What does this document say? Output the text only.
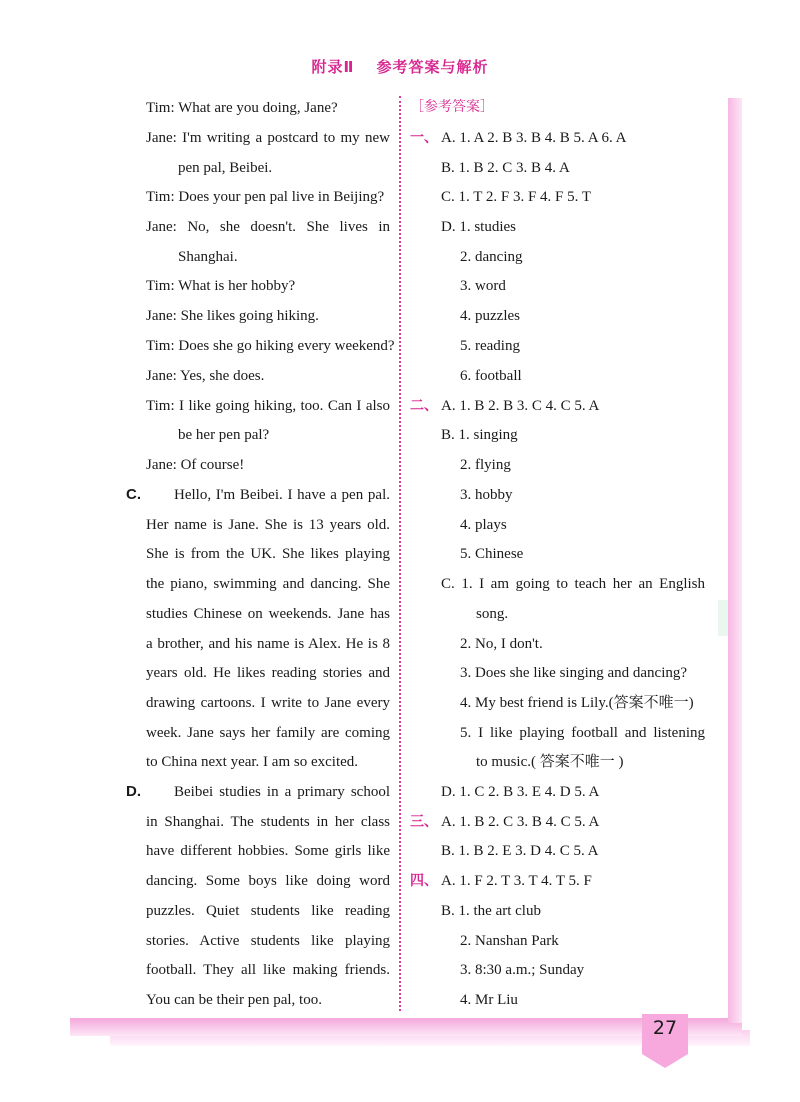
27
附录Ⅱ 参考答案与解析
Tim: What are you doing, Jane?
Jane: I'm writing a postcard to my new
pen pal, Beibei.
Tim: Does your pen pal live in Beijing?
Jane: No, she doesn't. She lives in
Shanghai.
Tim: What is her hobby?
Jane: She likes going hiking.
Tim: Does she go hiking every weekend?
Jane: Yes, she does.
Tim: I like going hiking, too. Can I also
be her pen pal?
Jane: Of course!
C. Hello, I'm Beibei. I have a pen pal.
Her name is Jane. She is 13 years old.
She is from the UK. She likes playing
the piano, swimming and dancing. She
studies Chinese on weekends. Jane has
a brother, and his name is Alex. He is 8
years old. He likes reading stories and
drawing cartoons. I write to Jane every
week. Jane says her family are coming
to China next year. I am so excited.
D. Beibei studies in a primary school
in Shanghai. The students in her class
have different hobbies. Some girls like
dancing. Some boys like doing word
puzzles. Quiet students like reading
stories. Active students like playing
football. They all like making friends.
You can be their pen pal, too.
［参考答案］
一、 A. 1. A 2. B 3. B 4. B 5. A 6. A
B. 1. B 2. C 3. B 4. A
C. 1. T 2. F 3. F 4. F 5. T
D. 1. studies
2. dancing
3. word
4. puzzles
5. reading
6. football
二、 A. 1. B 2. B 3. C 4. C 5. A
B. 1. singing
2. flying
3. hobby
4. plays
5. Chinese
C. 1. I am going to teach her an English
song.
2. No, I don't.
3. Does she like singing and dancing?
4. My best friend is Lily.(答案不唯一)
5. I like playing football and listening
to music.( 答案不唯一 )
D. 1. C 2. B 3. E 4. D 5. A
三、 A. 1. B 2. C 3. B 4. C 5. A
B. 1. B 2. E 3. D 4. C 5. A
四、 A. 1. F 2. T 3. T 4. T 5. F
B. 1. the art club
2. Nanshan Park
3. 8:30 a.m.; Sunday
4. Mr Liu
